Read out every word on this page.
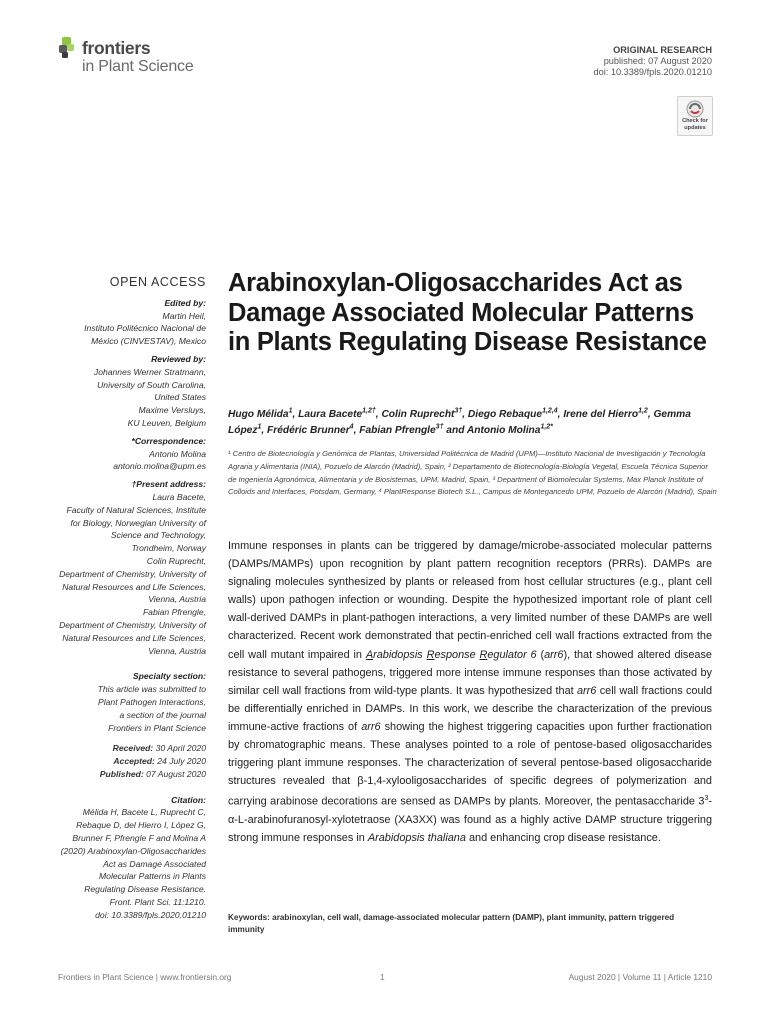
frontiers
in Plant Science
ORIGINAL RESEARCH
published: 07 August 2020
doi: 10.3389/fpls.2020.01210
Check for
updates
OPEN ACCESS
Edited by:
Martin Heil,
Instituto Politécnico Nacional de
México (CINVESTAV), Mexico
Reviewed by:
Johannes Werner Stratmann,
University of South Carolina,
United States
Maxime Versluys,
KU Leuven, Belgium
*Correspondence:
Antonio Molina
antonio.molina@upm.es
†Present address:
Laura Bacete,
Faculty of Natural Sciences, Institute
for Biology, Norwegian University of
Science and Technology,
Trondheim, Norway
Colin Ruprecht,
Department of Chemistry, University of
Natural Resources and Life Sciences,
Vienna, Austria
Fabian Pfrengle,
Department of Chemistry, University of
Natural Resources and Life Sciences,
Vienna, Austria
Specialty section:
This article was submitted to
Plant Pathogen Interactions,
a section of the journal
Frontiers in Plant Science
Received: 30 April 2020
Accepted: 24 July 2020
Published: 07 August 2020
Citation:
Mélida H, Bacete L, Ruprecht C,
Rebaque D, del Hierro I, López G,
Brunner F, Pfrengle F and Molina A
(2020) Arabinoxylan-Oligosaccharides
Act as Damage Associated
Molecular Patterns in Plants
Regulating Disease Resistance.
Front. Plant Sci. 11:1210.
doi: 10.3389/fpls.2020.01210
Arabinoxylan-Oligosaccharides Act as Damage Associated Molecular Patterns in Plants Regulating Disease Resistance
Hugo Mélida$^1$, Laura Bacete$^{1,2\dagger}$, Colin Ruprecht$^{3\dagger}$, Diego Rebaque$^{1,2,4}$, Irene del Hierro$^{1,2}$, Gemma López$^1$, Frédéric Brunner$^4$, Fabian Pfrengle$^{3\dagger}$ and Antonio Molina$^{1,2*}$
¹ Centro de Biotecnología y Genómica de Plantas, Universidad Politécnica de Madrid (UPM)—Instituto Nacional de Investigación y Tecnología Agraria y Alimentaria (INIA), Pozuelo de Alarcón (Madrid), Spain, ² Departamento de Biotecnología-Biología Vegetal, Escuela Técnica Superior de Ingeniería Agronómica, Alimentaria y de Biosistemas, UPM, Madrid, Spain, ³ Department of Biomolecular Systems, Max Planck Institute of Colloids and Interfaces, Potsdam, Germany, ⁴ PlantResponse Biotech S.L., Campus de Montegancedo UPM, Pozuelo de Alarcón (Madrid), Spain
Immune responses in plants can be triggered by damage/microbe-associated molecular patterns (DAMPs/MAMPs) upon recognition by plant pattern recognition receptors (PRRs). DAMPs are signaling molecules synthesized by plants or released from host cellular structures (e.g., plant cell walls) upon pathogen infection or wounding. Despite the hypothesized important role of plant cell wall-derived DAMPs in plant-pathogen interactions, a very limited number of these DAMPs are well characterized. Recent work demonstrated that pectin-enriched cell wall fractions extracted from the cell wall mutant impaired in Arabidopsis Response Regulator 6 (arr6), that showed altered disease resistance to several pathogens, triggered more intense immune responses than those activated by similar cell wall fractions from wild-type plants. It was hypothesized that arr6 cell wall fractions could be differentially enriched in DAMPs. In this work, we describe the characterization of the previous immune-active fractions of arr6 showing the highest triggering capacities upon further fractionation by chromatographic means. These analyses pointed to a role of pentose-based oligosaccharides triggering plant immune responses. The characterization of several pentose-based oligosaccharide structures revealed that β-1,4-xylooligosaccharides of specific degrees of polymerization and carrying arabinose decorations are sensed as DAMPs by plants. Moreover, the pentasaccharide $3^3-\alpha-L-arabinofuranosyl$-xylotetraose (XA3XX) was found as a highly active DAMP structure triggering strong immune responses in Arabidopsis thaliana and enhancing crop disease resistance.
Keywords: arabinoxylan, cell wall, damage-associated molecular pattern (DAMP), plant immunity, pattern triggered immunity
Frontiers in Plant Science | www.frontiersin.org	1	August 2020 | Volume 11 | Article 1210
